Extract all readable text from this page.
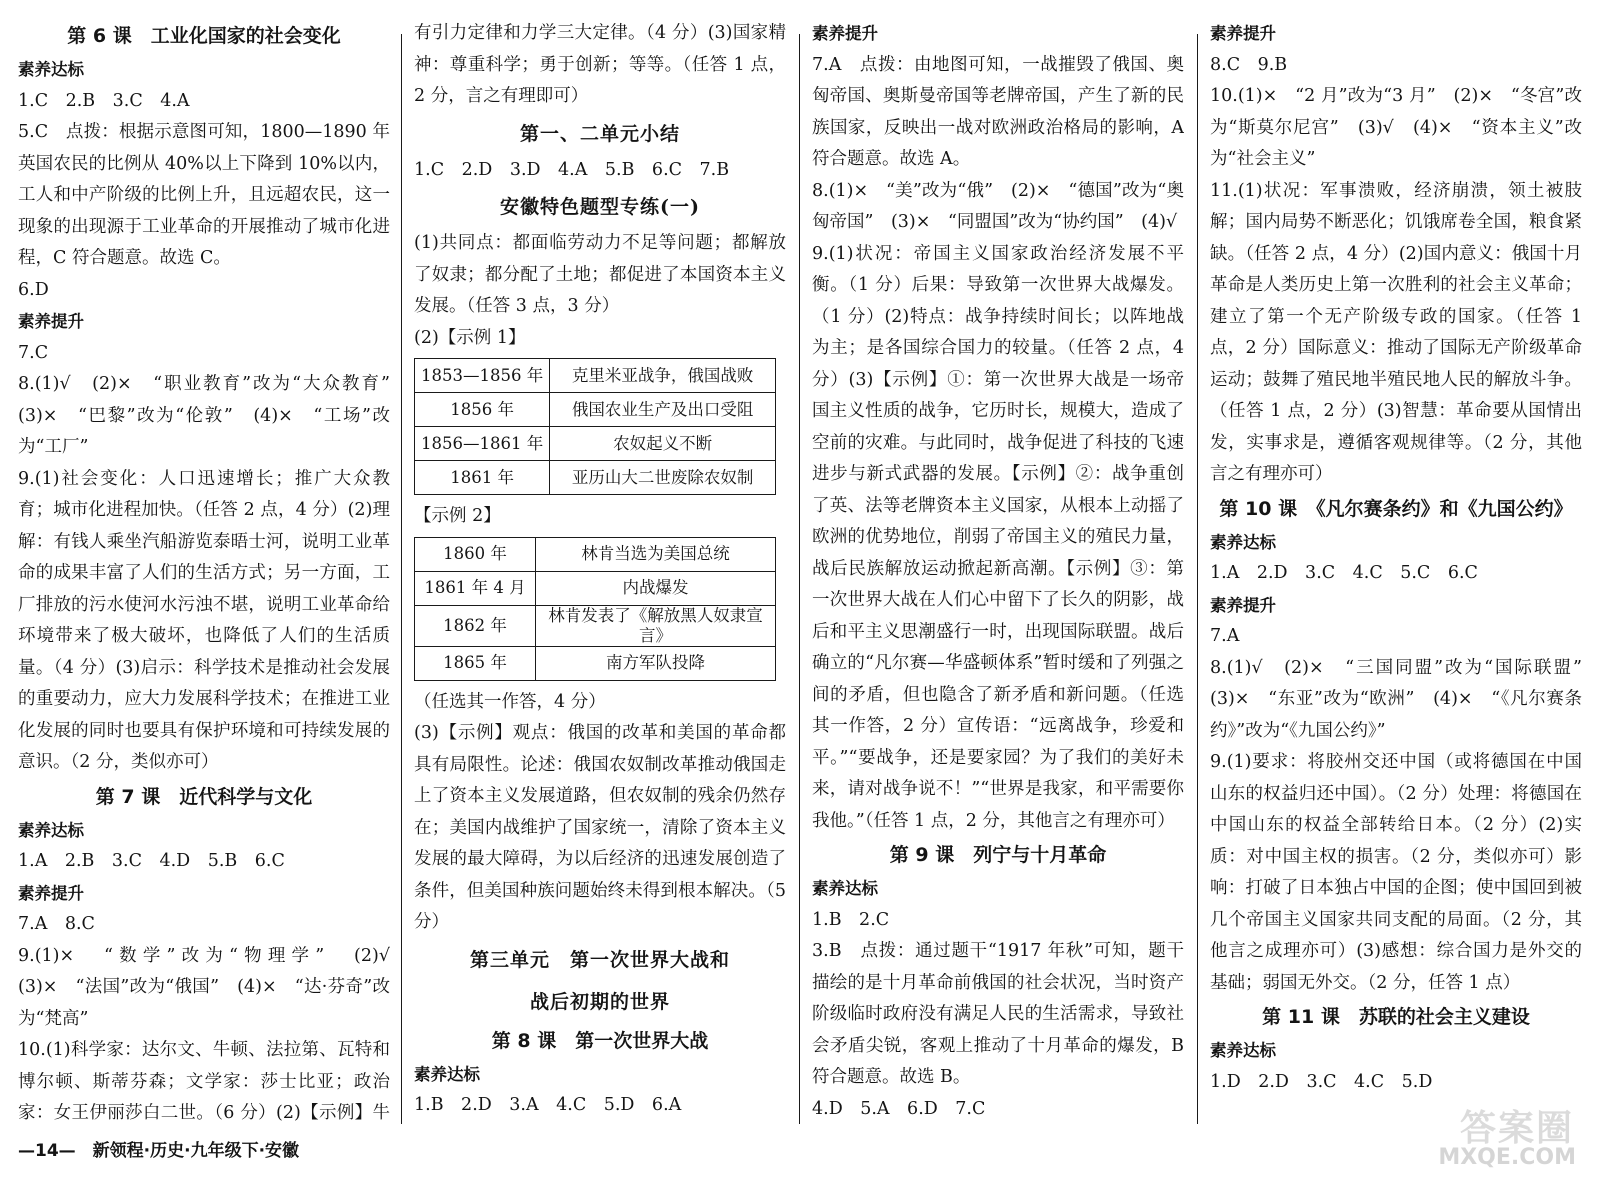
第 6 课　工业化国家的社会变化
素养达标
1.C　2.B　3.C　4.A
5.C　点拨：根据示意图可知，1800—1890 年英国农民的比例从 40%以上下降到 10%以内，工人和中产阶级的比例上升，且远超农民，这一现象的出现源于工业革命的开展推动了城市化进程，C 符合题意。故选 C。
6.D
素养提升
7.C
8.(1)√　(2)×　“职业教育”改为“大众教育”　(3)×　“巴黎”改为“伦敦”　(4)×　“工场”改为“工厂”
9.(1)社会变化：人口迅速增长；推广大众教育；城市化进程加快。（任答 2 点，4 分）(2)理解：有钱人乘坐汽船游览泰晤士河，说明工业革命的成果丰富了人们的生活方式；另一方面，工厂排放的污水使河水污浊不堪，说明工业革命给环境带来了极大破坏，也降低了人们的生活质量。（4 分）(3)启示：科学技术是推动社会发展的重要动力，应大力发展科学技术；在推进工业化发展的同时也要具有保护环境和可持续发展的意识。（2 分，类似亦可）
第 7 课　近代科学与文化
素养达标
1.A　2.B　3.C　4.D　5.B　6.C
素养提升
7.A　8.C
9.(1)×　“数学”改为“物理学”　(2)√　(3)×　“法国”改为“俄国”　(4)×　“达·芬奇”改为“梵高”
10.(1)科学家：达尔文、牛顿、法拉第、瓦特和博尔顿、斯蒂芬森；文学家：莎士比亚；政治家：女王伊丽莎白二世。（6 分）(2)【示例】牛
有引力定律和力学三大定律。（4 分）(3)国家精神：尊重科学；勇于创新；等等。（任答 1 点，2 分，言之有理即可）
第一、二单元小结
1.C　2.D　3.D　4.A　5.B　6.C　7.B
安徽特色题型专练(一)
(1)共同点：都面临劳动力不足等问题；都解放了奴隶；都分配了土地；都促进了本国资本主义发展。（任答 3 点，3 分）
(2)【示例 1】
1853—1856 年	克里米亚战争，俄国战败
1856 年	俄国农业生产及出口受阻
1856—1861 年	农奴起义不断
1861 年	亚历山大二世废除农奴制
【示例 2】
1860 年	林肯当选为美国总统
1861 年 4 月	内战爆发
1862 年	林肯发表了《解放黑人奴隶宣言》
1865 年	南方军队投降
（任选其一作答，4 分）
(3)【示例】观点：俄国的改革和美国的革命都具有局限性。论述：俄国农奴制改革推动俄国走上了资本主义发展道路，但农奴制的残余仍然存在；美国内战维护了国家统一，清除了资本主义发展的最大障碍，为以后经济的迅速发展创造了条件，但美国种族问题始终未得到根本解决。（5 分）
第三单元　第一次世界大战和
战后初期的世界
第 8 课　第一次世界大战
素养达标
1.B　2.D　3.A　4.C　5.D　6.A
素养提升
7.A　点拨：由地图可知，一战摧毁了俄国、奥匈帝国、奥斯曼帝国等老牌帝国，产生了新的民族国家，反映出一战对欧洲政治格局的影响，A 符合题意。故选 A。
8.(1)×　“美”改为“俄”　(2)×　“德国”改为“奥匈帝国”　(3)×　“同盟国”改为“协约国”　(4)√
9.(1)状况：帝国主义国家政治经济发展不平衡。（1 分）后果：导致第一次世界大战爆发。（1 分）(2)特点：战争持续时间长；以阵地战为主；是各国综合国力的较量。（任答 2 点，4 分）(3)【示例】①：第一次世界大战是一场帝国主义性质的战争，它历时长，规模大，造成了空前的灾难。与此同时，战争促进了科技的飞速进步与新式武器的发展。【示例】②：战争重创了英、法等老牌资本主义国家，从根本上动摇了欧洲的优势地位，削弱了帝国主义的殖民力量，战后民族解放运动掀起新高潮。【示例】③：第一次世界大战在人们心中留下了长久的阴影，战后和平主义思潮盛行一时，出现国际联盟。战后确立的“凡尔赛—华盛顿体系”暂时缓和了列强之间的矛盾，但也隐含了新矛盾和新问题。（任选其一作答，2 分）宣传语：“远离战争，珍爱和平。”“要战争，还是要家园？为了我们的美好未来，请对战争说不！”“世界是我家，和平需要你我他。”（任答 1 点，2 分，其他言之有理亦可）
第 9 课　列宁与十月革命
素养达标
1.B　2.C
3.B　点拨：通过题干“1917 年秋”可知，题干描绘的是十月革命前俄国的社会状况，当时资产阶级临时政府没有满足人民的生活需求，导致社会矛盾尖锐，客观上推动了十月革命的爆发，B 符合题意。故选 B。
4.D　5.A　6.D　7.C
素养提升
8.C　9.B
10.(1)×　“2 月”改为“3 月”　(2)×　“冬宫”改为“斯莫尔尼宫”　(3)√　(4)×　“资本主义”改为“社会主义”
11.(1)状况：军事溃败，经济崩溃，领土被肢解；国内局势不断恶化；饥饿席卷全国，粮食紧缺。（任答 2 点，4 分）(2)国内意义：俄国十月革命是人类历史上第一次胜利的社会主义革命；建立了第一个无产阶级专政的国家。（任答 1 点，2 分）国际意义：推动了国际无产阶级革命运动；鼓舞了殖民地半殖民地人民的解放斗争。（任答 1 点，2 分）(3)智慧：革命要从国情出发，实事求是，遵循客观规律等。（2 分，其他言之有理亦可）
第 10 课　《凡尔赛条约》和《九国公约》
素养达标
1.A　2.D　3.C　4.C　5.C　6.C
素养提升
7.A
8.(1)√　(2)×　“三国同盟”改为“国际联盟”　(3)×　“东亚”改为“欧洲”　(4)×　“《凡尔赛条约》”改为“《九国公约》”
9.(1)要求：将胶州交还中国（或将德国在中国山东的权益归还中国）。（2 分）处理：将德国在中国山东的权益全部转给日本。（2 分）(2)实质：对中国主权的损害。（2 分，类似亦可）影响：打破了日本独占中国的企图；使中国回到被几个帝国主义国家共同支配的局面。（2 分，其他言之成理亦可）(3)感想：综合国力是外交的基础；弱国无外交。（2 分，任答 1 点）
第 11 课　苏联的社会主义建设
素养达标
1.D　2.D　3.C　4.C　5.D
—14—　新领程·历史·九年级下·安徽
答案圈
MXQE.COM
